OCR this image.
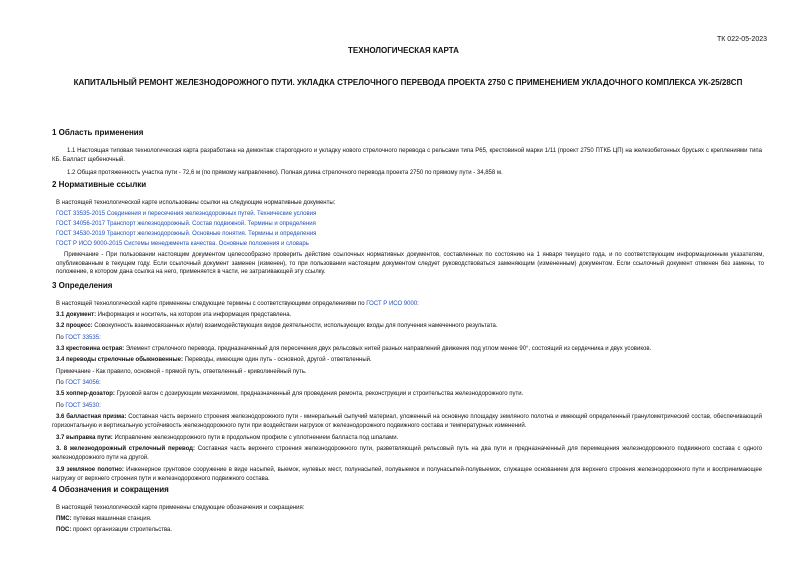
ТК 022-05-2023
ТЕХНОЛОГИЧЕСКАЯ КАРТА
КАПИТАЛЬНЫЙ РЕМОНТ ЖЕЛЕЗНОДОРОЖНОГО ПУТИ. УКЛАДКА СТРЕЛОЧНОГО ПЕРЕВОДА ПРОЕКТА 2750 С ПРИМЕНЕНИЕМ УКЛАДОЧНОГО КОМПЛЕКСА УК-25/28СП
1 Область применения
1.1 Настоящая типовая технологическая карта разработана на демонтаж старогодного и укладку нового стрелочного перевода с рельсами типа Р65, крестовиной марки 1/11 (проект 2750 ПТКБ ЦП) на железобетонных брусьях с креплениями типа КБ. Балласт щебеночный.
1.2 Общая протяженность участка пути - 72,6 м (по прямому направлению). Полная длина стрелочного перевода проекта 2750 по прямому пути - 34,858 м.
2 Нормативные ссылки
В настоящей технологической карте использованы ссылки на следующие нормативные документы:
ГОСТ 33535-2015 Соединения и пересечения железнодорожных путей. Технические условия
ГОСТ 34056-2017 Транспорт железнодорожный. Состав подвижной. Термины и определения
ГОСТ 34530-2019 Транспорт железнодорожный. Основные понятия. Термины и определения
ГОСТ Р ИСО 9000-2015 Системы менеджмента качества. Основные положения и словарь
Примечание - При пользовании настоящим документом целесообразно проверить действие ссылочных нормативных документов, составленных по состоянию на 1 января текущего года, и по соответствующим информационным указателям, опубликованным в текущем году. Если ссылочный документ заменен (изменен), то при пользовании настоящим документом следует руководствоваться заменяющим (измененным) документом. Если ссылочный документ отменен без замены, то положение, в котором дана ссылка на него, применяется в части, не затрагивающей эту ссылку.
3 Определения
В настоящей технологической карте применены следующие термины с соответствующими определениями по ГОСТ Р ИСО 9000:
3.1 документ: Информация и носитель, на котором эта информация представлена.
3.2 процесс: Совокупность взаимосвязанных и(или) взаимодействующих видов деятельности, использующих входы для получения намеченного результата.
По ГОСТ 33535:
3.3 крестовина острая: Элемент стрелочного перевода, предназначенный для пересечения двух рельсовых нитей разных направлений движения под углом менее 90°, состоящий из сердечника и двух усовиков.
3.4 переводы стрелочные обыкновенные: Переводы, имеющие один путь - основной, другой - ответвленный.
Примечание - Как правило, основной - прямой путь, ответвленный - криволинейный путь.
По ГОСТ 34056:
3.5 хоппер-дозатор: Грузовой вагон с дозирующим механизмом, предназначенный для проведения ремонта, реконструкции и строительства железнодорожного пути.
По ГОСТ 34530:
3.6 балластная призма: Составная часть верхнего строения железнодорожного пути - минеральный сыпучий материал, уложенный на основную площадку земляного полотна и имеющий определенный гранулометрический состав, обеспечивающий горизонтальную и вертикальную устойчивость железнодорожного пути при воздействии нагрузок от железнодорожного подвижного состава и температурных изменений.
3.7 выправка пути: Исправление железнодорожного пути в продольном профиле с уплотнением балласта под шпалами.
3. 8 железнодорожный стрелочный перевод: Составная часть верхнего строения железнодорожного пути, разветвляющий рельсовый путь на два пути и предназначенный для перемещения железнодорожного подвижного состава с одного железнодорожного пути на другой.
3.9 земляное полотно: Инженерное грунтовое сооружение в виде насыпей, выемок, нулевых мест, полунасыпей, полувыемок и полунасыпей-полувыемок, служащее основанием для верхнего строения железнодорожного пути и воспринимающее нагрузку от верхнего строения пути и железнодорожного подвижного состава.
4 Обозначения и сокращения
В настоящей технологической карте применены следующие обозначения и сокращения:
ПМС: путевая машинная станция.
ПОС: проект организации строительства.
